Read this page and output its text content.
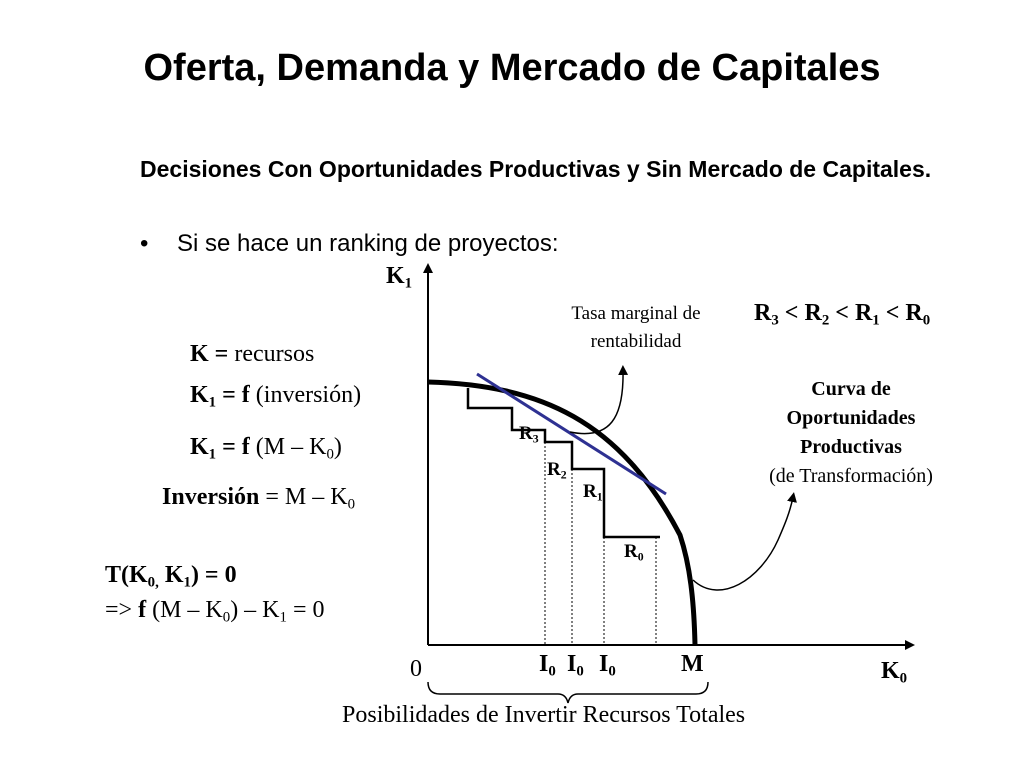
Oferta, Demanda y Mercado de Capitales
Decisiones Con Oportunidades Productivas y Sin Mercado de Capitales.
• Si se hace un ranking de proyectos:
$K_1$
$K_0$
0	$I_0$ $I_0$ $I_0$	M
$R_3$
$R_2$
$R_1$
$R_0$
K = recursos
$K_1 = f$ (inversión)
$K_1 = f$ $(M - K_0)$
Inversión = M – $K_0$
$T(K_{0,}$ $K_1) = 0$
=> f $(M - K_0) - K_1 = 0$
$R_3 < R_2 < R_1 < R_0$
Tasa marginal de
rentabilidad
Curva de
Oportunidades
Productivas
(de Transformación)
Posibilidades de Invertir Recursos Totales
